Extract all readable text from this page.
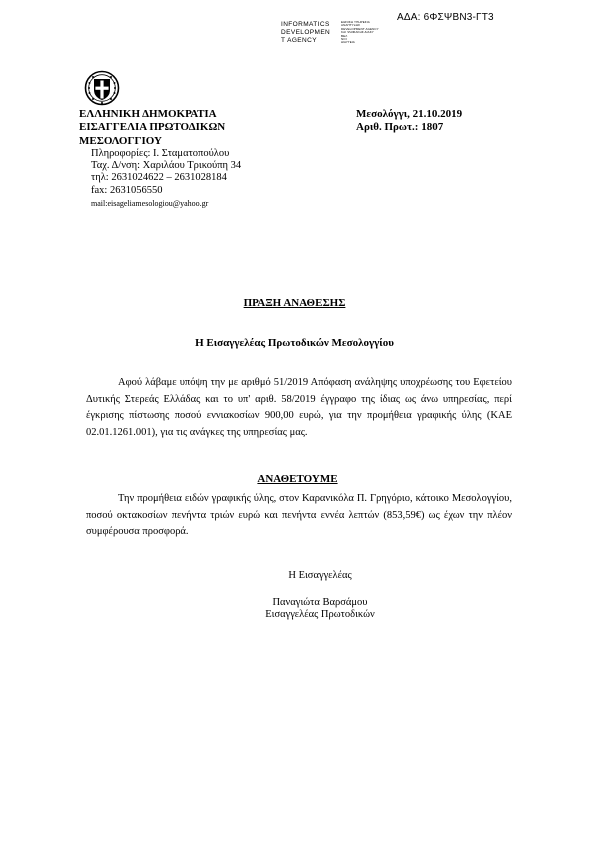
ΑΔΑ: 6ΦΣΨΒΝ3-ΓΤ3
INFORMATICS
DEVELOPMEN
T AGENCY
ΕΘΝΙΚΗ ΥΠΗΡΕΣΙΑ
ΑΝΑΠΤΥΞΗΣ
DEVELOPMENT AGENCY
ΚΑΙ ΨΗΦΙΑΚΗΣ ΔΙΑΚΥ
ΒΕΛ
ΝΟΙ
ΔΙΑΥΓΕΙΑ
ΕΛΛΗΝΙΚΗ ΔΗΜΟΚΡΑΤΙΑ
ΕΙΣΑΓΓΕΛΙΑ ΠΡΩΤΟΔΙΚΩΝ
ΜΕΣΟΛΟΓΓΙΟΥ
Μεσολόγγι, 21.10.2019
Αριθ. Πρωτ.: 1807
Πληροφορίες: Ι. Σταματοπούλου
Ταχ. Δ/νση: Χαριλάου Τρικούπη 34
τηλ: 2631024622 – 2631028184
fax: 2631056550
mail:eisageliamesologiou@yahoo.gr
ΠΡΑΞΗ ΑΝΑΘΕΣΗΣ
Η Εισαγγελέας Πρωτοδικών Μεσολογγίου
Αφού λάβαμε υπόψη την με αριθμό 51/2019 Απόφαση ανάληψης υποχρέωσης του Εφετείου Δυτικής Στερεάς Ελλάδας και το υπ' αριθ. 58/2019 έγγραφο της ίδιας ως άνω υπηρεσίας, περί έγκρισης πίστωσης ποσού εννιακοσίων 900,00 ευρώ, για την προμήθεια γραφικής ύλης (ΚΑΕ 02.01.1261.001), για τις ανάγκες της υπηρεσίας μας.
ΑΝΑΘΕΤΟΥΜΕ
Την προμήθεια ειδών γραφικής ύλης, στον Καρανικόλα Π. Γρηγόριο, κάτοικο Μεσολογγίου, ποσού οκτακοσίων πενήντα τριών ευρώ και πενήντα εννέα λεπτών (853,59€) ως έχων την πλέον συμφέρουσα προσφορά.
Η Εισαγγελέας
Παναγιώτα Βαρσάμου
Εισαγγελέας Πρωτοδικών
